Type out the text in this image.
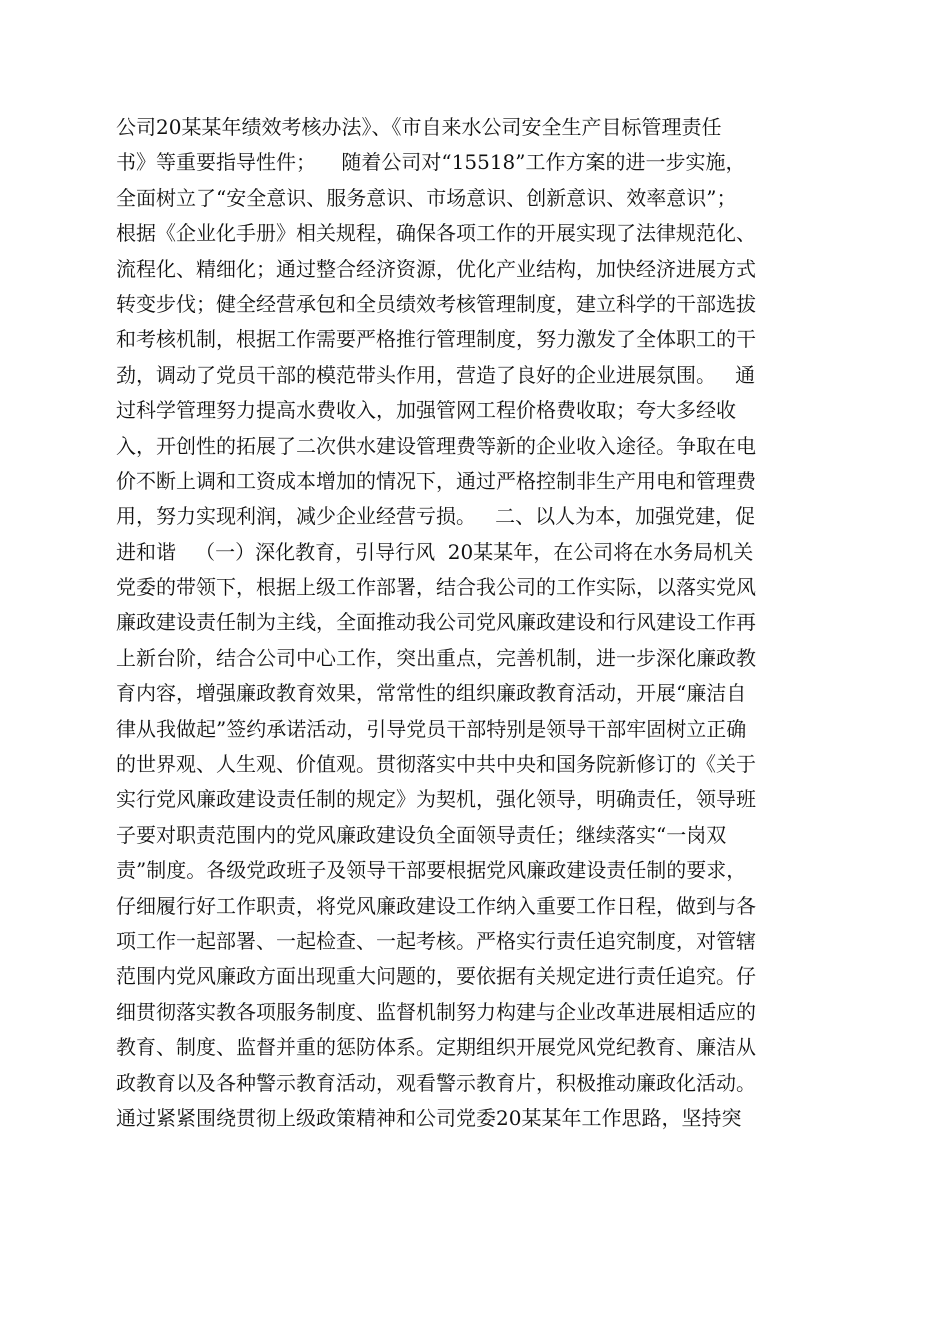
公司20某某年绩效考核办法》、《市自来水公司安全生产目标管理责任
书》等重要指导性件；    随着公司对“15518”工作方案的进一步实施，
全面树立了“安全意识、服务意识、市场意识、创新意识、效率意识”；
根据《企业化手册》相关规程，确保各项工作的开展实现了法律规范化、
流程化、精细化；通过整合经济资源，优化产业结构，加快经济进展方式
转变步伐；健全经营承包和全员绩效考核管理制度，建立科学的干部选拔
和考核机制，根据工作需要严格推行管理制度，努力激发了全体职工的干
劲，调动了党员干部的模范带头作用，营造了良好的企业进展氛围。   通
过科学管理努力提高水费收入，加强管网工程价格费收取；夸大多经收
入，开创性的拓展了二次供水建设管理费等新的企业收入途径。争取在电
价不断上调和工资成本增加的情况下，通过严格控制非生产用电和管理费
用，努力实现利润，减少企业经营亏损。   二、以人为本，加强党建，促
进和谐   （一）深化教育，引导行风  20某某年，在公司将在水务局机关
党委的带领下，根据上级工作部署，结合我公司的工作实际，以落实党风
廉政建设责任制为主线，全面推动我公司党风廉政建设和行风建设工作再
上新台阶，结合公司中心工作，突出重点，完善机制，进一步深化廉政教
育内容，增强廉政教育效果，常常性的组织廉政教育活动，开展“廉洁自
律从我做起”签约承诺活动，引导党员干部特别是领导干部牢固树立正确
的世界观、人生观、价值观。贯彻落实中共中央和国务院新修订的《关于
实行党风廉政建设责任制的规定》为契机，强化领导，明确责任，领导班
子要对职责范围内的党风廉政建设负全面领导责任；继续落实“一岗双
责”制度。各级党政班子及领导干部要根据党风廉政建设责任制的要求，
仔细履行好工作职责，将党风廉政建设工作纳入重要工作日程，做到与各
项工作一起部署、一起检查、一起考核。严格实行责任追究制度，对管辖
范围内党风廉政方面出现重大问题的，要依据有关规定进行责任追究。仔
细贯彻落实教各项服务制度、监督机制努力构建与企业改革进展相适应的
教育、制度、监督并重的惩防体系。定期组织开展党风党纪教育、廉洁从
政教育以及各种警示教育活动，观看警示教育片，积极推动廉政化活动。
通过紧紧围绕贯彻上级政策精神和公司党委20某某年工作思路，坚持突
